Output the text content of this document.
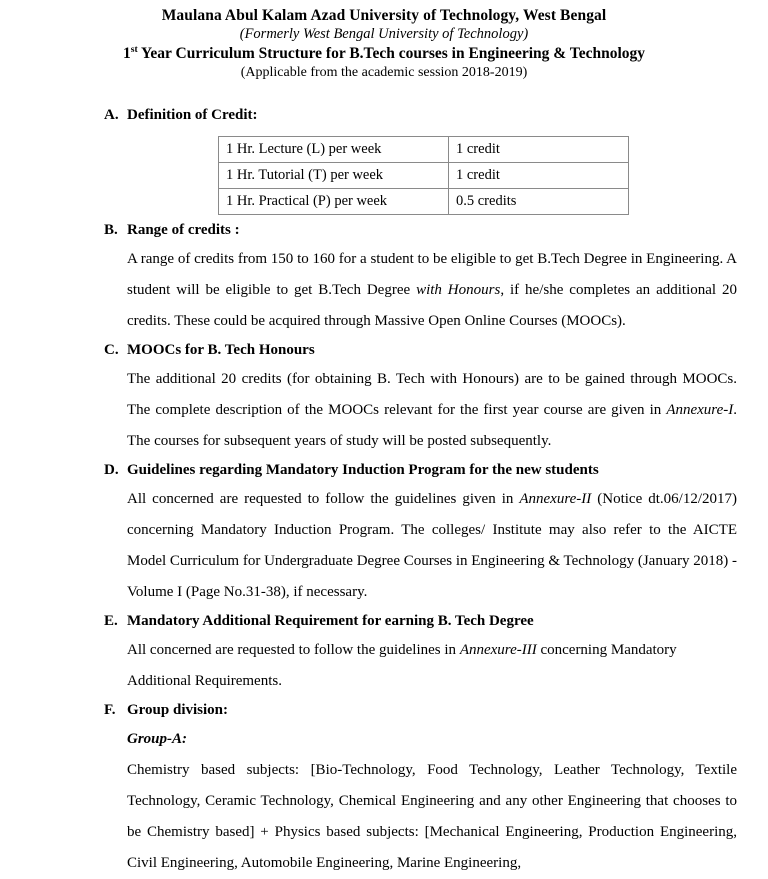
Maulana Abul Kalam Azad University of Technology, West Bengal
(Formerly West Bengal University of Technology)
1st Year Curriculum Structure for B.Tech courses in Engineering & Technology
(Applicable from the academic session 2018-2019)
A. Definition of Credit:
1 Hr. Lecture (L) per week	1 credit
1 Hr. Tutorial (T) per week	1 credit
1 Hr. Practical (P) per week	0.5 credits
B. Range of credits :
A range of credits from 150 to 160 for a student to be eligible to get B.Tech Degree in Engineering. A student will be eligible to get B.Tech Degree with Honours, if he/she completes an additional 20 credits. These could be acquired through Massive Open Online Courses (MOOCs).
C. MOOCs for B. Tech Honours
The additional 20 credits (for obtaining B. Tech with Honours) are to be gained through MOOCs. The complete description of the MOOCs relevant for the first year course are given in Annexure-I. The courses for subsequent years of study will be posted subsequently.
D. Guidelines regarding Mandatory Induction Program for the new students
All concerned are requested to follow the guidelines given in Annexure-II (Notice dt.06/12/2017) concerning Mandatory Induction Program. The colleges/ Institute may also refer to the AICTE Model Curriculum for Undergraduate Degree Courses in Engineering & Technology (January 2018) -Volume I (Page No.31-38), if necessary.
E. Mandatory Additional Requirement for earning B. Tech Degree
All concerned are requested to follow the guidelines in Annexure-III concerning Mandatory Additional Requirements.
F. Group division:
Group-A:
Chemistry based subjects: [Bio-Technology, Food Technology, Leather Technology, Textile Technology, Ceramic Technology, Chemical Engineering and any other Engineering that chooses to be Chemistry based] + Physics based subjects: [Mechanical Engineering, Production Engineering, Civil Engineering, Automobile Engineering, Marine Engineering,
